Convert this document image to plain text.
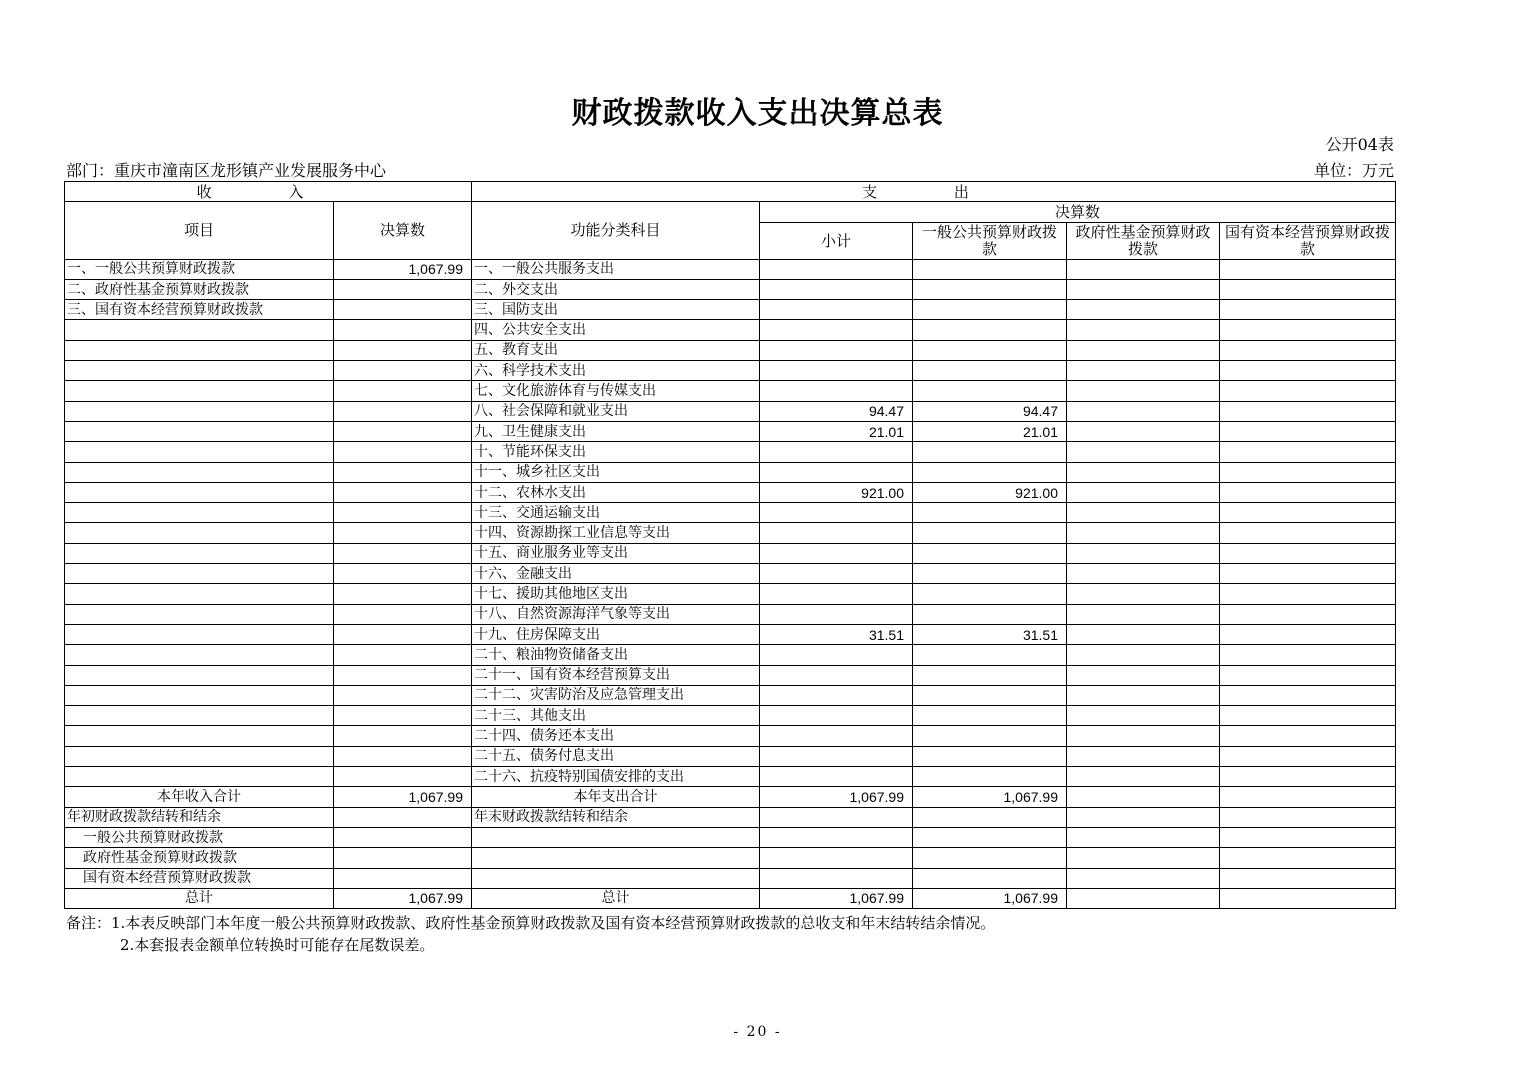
财政拨款收入支出决算总表
公开04表
部门：重庆市潼南区龙形镇产业发展服务中心	单位：万元
收 入		支 出				
项目	决算数	功能分类科目	决算数			
			小计	一般公共预算财政拨款	政府性基金预算财政拨款	国有资本经营预算财政拨款
一、一般公共预算财政拨款	1,067.99	一、一般公共服务支出				
二、政府性基金预算财政拨款		二、外交支出				
三、国有资本经营预算财政拨款		三、国防支出				
		四、公共安全支出				
		五、教育支出				
		六、科学技术支出				
		七、文化旅游体育与传媒支出				
		八、社会保障和就业支出	94.47	94.47		
		九、卫生健康支出	21.01	21.01		
		十、节能环保支出				
		十一、城乡社区支出				
		十二、农林水支出	921.00	921.00		
		十三、交通运输支出				
		十四、资源勘探工业信息等支出				
		十五、商业服务业等支出				
		十六、金融支出				
		十七、援助其他地区支出				
		十八、自然资源海洋气象等支出				
		十九、住房保障支出	31.51	31.51		
		二十、粮油物资储备支出				
		二十一、国有资本经营预算支出				
		二十二、灾害防治及应急管理支出				
		二十三、其他支出				
		二十四、债务还本支出				
		二十五、债务付息支出				
		二十六、抗疫特别国债安排的支出				
本年收入合计	1,067.99	本年支出合计	1,067.99	1,067.99		
年初财政拨款结转和结余		年末财政拨款结转和结余				
一般公共预算财政拨款						
政府性基金预算财政拨款						
国有资本经营预算财政拨款						
总计	1,067.99	总计	1,067.99	1,067.99		
备注：1.本表反映部门本年度一般公共预算财政拨款、政府性基金预算财政拨款及国有资本经营预算财政拨款的总收支和年末结转结余情况。
2.本套报表金额单位转换时可能存在尾数误差。
- 20 -
